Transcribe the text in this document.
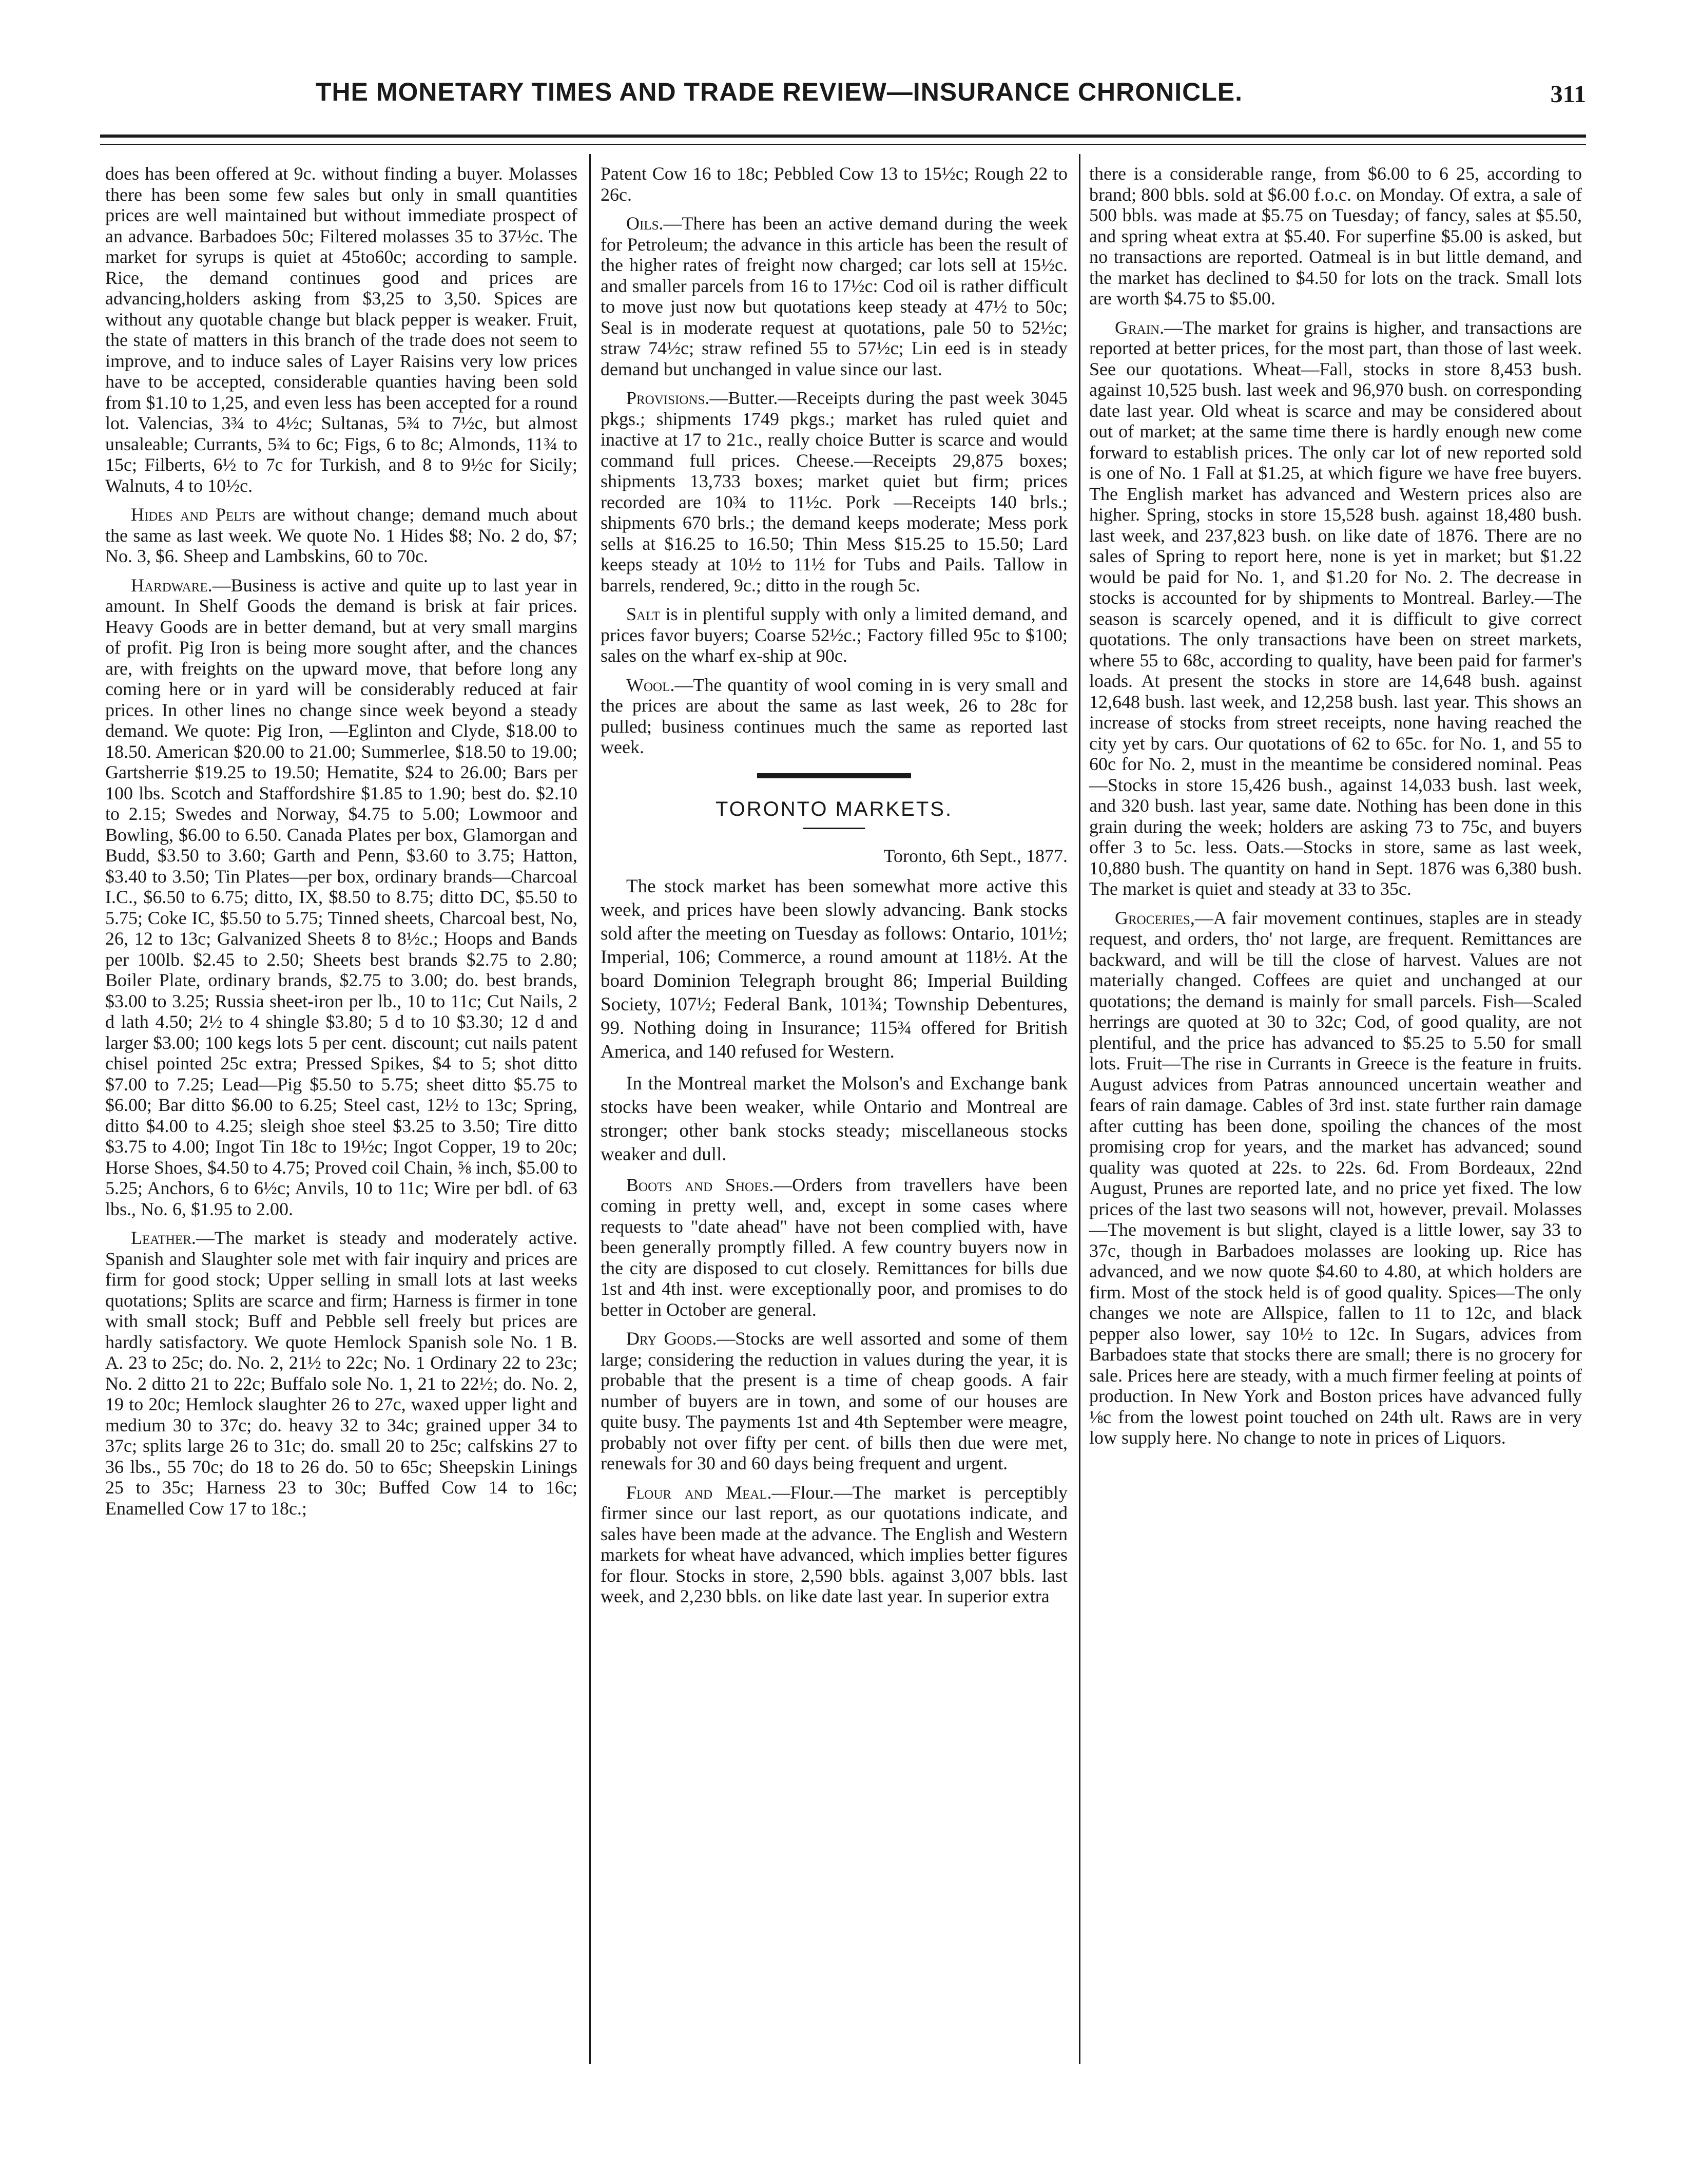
THE MONETARY TIMES AND TRADE REVIEW—INSURANCE CHRONICLE.	311

does has been offered at 9c. without finding a buyer. Molasses there has been some few sales but only in small quantities prices are well maintained but without immediate prospect of an advance. Barbadoes 50c; Filtered molasses 35 to 37½c. The market for syrups is quiet at 45to60c; according to sample. Rice, the demand continues good and prices are advancing,holders asking from $3,25 to 3,50. Spices are without any quotable change but black pepper is weaker. Fruit, the state of matters in this branch of the trade does not seem to improve, and to induce sales of Layer Raisins very low prices have to be accepted, considerable quanties having been sold from $1.10 to 1,25, and even less has been accepted for a round lot. Valencias, 3¾ to 4½c; Sultanas, 5¾ to 7½c, but almost unsaleable; Currants, 5¾ to 6c; Figs, 6 to 8c; Almonds, 11¾ to 15c; Filberts, 6½ to 7c for Turkish, and 8 to 9½c for Sicily; Walnuts, 4 to 10½c.

Hides and Pelts are without change; demand much about the same as last week. We quote No. 1 Hides $8; No. 2 do, $7; No. 3, $6. Sheep and Lambskins, 60 to 70c.

Hardware.—Business is active and quite up to last year in amount. In Shelf Goods the demand is brisk at fair prices. Heavy Goods are in better demand, but at very small margins of profit. Pig Iron is being more sought after, and the chances are, with freights on the upward move, that before long any coming here or in yard will be considerably reduced at fair prices. In other lines no change since week beyond a steady demand. We quote: Pig Iron, —Eglinton and Clyde, $18.00 to 18.50. American $20.00 to 21.00; Summerlee, $18.50 to 19.00; Gartsherrie $19.25 to 19.50; Hematite, $24 to 26.00; Bars per 100 lbs. Scotch and Staffordshire $1.85 to 1.90; best do. $2.10 to 2.15; Swedes and Norway, $4.75 to 5.00; Lowmoor and Bowling, $6.00 to 6.50. Canada Plates per box, Glamorgan and Budd, $3.50 to 3.60; Garth and Penn, $3.60 to 3.75; Hatton, $3.40 to 3.50; Tin Plates—per box, ordinary brands—Charcoal I.C., $6.50 to 6.75; ditto, IX, $8.50 to 8.75; ditto DC, $5.50 to 5.75; Coke IC, $5.50 to 5.75; Tinned sheets, Charcoal best, No, 26, 12 to 13c; Galvanized Sheets 8 to 8½c.; Hoops and Bands per 100lb. $2.45 to 2.50; Sheets best brands $2.75 to 2.80; Boiler Plate, ordinary brands, $2.75 to 3.00; do. best brands, $3.00 to 3.25; Russia sheet-iron per lb., 10 to 11c; Cut Nails, 2 d lath 4.50; 2½ to 4 shingle $3.80; 5 d to 10 $3.30; 12 d and larger $3.00; 100 kegs lots 5 per cent. discount; cut nails patent chisel pointed 25c extra; Pressed Spikes, $4 to 5; shot ditto $7.00 to 7.25; Lead—Pig $5.50 to 5.75; sheet ditto $5.75 to $6.00; Bar ditto $6.00 to 6.25; Steel cast, 12½ to 13c; Spring, ditto $4.00 to 4.25; sleigh shoe steel $3.25 to 3.50; Tire ditto $3.75 to 4.00; Ingot Tin 18c to 19½c; Ingot Copper, 19 to 20c; Horse Shoes, $4.50 to 4.75; Proved coil Chain, ⅝ inch, $5.00 to 5.25; Anchors, 6 to 6½c; Anvils, 10 to 11c; Wire per bdl. of 63 lbs., No. 6, $1.95 to 2.00.

Leather.—The market is steady and moderately active. Spanish and Slaughter sole met with fair inquiry and prices are firm for good stock; Upper selling in small lots at last weeks quotations; Splits are scarce and firm; Harness is firmer in tone with small stock; Buff and Pebble sell freely but prices are hardly satisfactory. We quote Hemlock Spanish sole No. 1 B. A. 23 to 25c; do. No. 2, 21½ to 22c; No. 1 Ordinary 22 to 23c; No. 2 ditto 21 to 22c; Buffalo sole No. 1, 21 to 22½; do. No. 2, 19 to 20c; Hemlock slaughter 26 to 27c, waxed upper light and medium 30 to 37c; do. heavy 32 to 34c; grained upper 34 to 37c; splits large 26 to 31c; do. small 20 to 25c; calfskins 27 to 36 lbs., 55 70c; do 18 to 26 do. 50 to 65c; Sheepskin Linings 25 to 35c; Harness 23 to 30c; Buffed Cow 14 to 16c; Enamelled Cow 17 to 18c.;

Patent Cow 16 to 18c; Pebbled Cow 13 to 15½c; Rough 22 to 26c.

Oils.—There has been an active demand during the week for Petroleum; the advance in this article has been the result of the higher rates of freight now charged; car lots sell at 15½c. and smaller parcels from 16 to 17½c: Cod oil is rather difficult to move just now but quotations keep steady at 47½ to 50c; Seal is in moderate request at quotations, pale 50 to 52½c; straw 74½c; straw refined 55 to 57½c; Lin eed is in steady demand but unchanged in value since our last.

Provisions.—Butter.—Receipts during the past week 3045 pkgs.; shipments 1749 pkgs.; market has ruled quiet and inactive at 17 to 21c., really choice Butter is scarce and would command full prices. Cheese.—Receipts 29,875 boxes; shipments 13,733 boxes; market quiet but firm; prices recorded are 10¾ to 11½c. Pork —Receipts 140 brls.; shipments 670 brls.; the demand keeps moderate; Mess pork sells at $16.25 to 16.50; Thin Mess $15.25 to 15.50; Lard keeps steady at 10½ to 11½ for Tubs and Pails. Tallow in barrels, rendered, 9c.; ditto in the rough 5c.

Salt is in plentiful supply with only a limited demand, and prices favor buyers; Coarse 52½c.; Factory filled 95c to $100; sales on the wharf ex-ship at 90c.

Wool.—The quantity of wool coming in is very small and the prices are about the same as last week, 26 to 28c for pulled; business continues much the same as reported last week.

TORONTO MARKETS.

Toronto, 6th Sept., 1877.

The stock market has been somewhat more active this week, and prices have been slowly advancing. Bank stocks sold after the meeting on Tuesday as follows: Ontario, 101½; Imperial, 106; Commerce, a round amount at 118½. At the board Dominion Telegraph brought 86; Imperial Building Society, 107½; Federal Bank, 101¾; Township Debentures, 99. Nothing doing in Insurance; 115¾ offered for British America, and 140 refused for Western.

In the Montreal market the Molson's and Exchange bank stocks have been weaker, while Ontario and Montreal are stronger; other bank stocks steady; miscellaneous stocks weaker and dull.

Boots and Shoes.—Orders from travellers have been coming in pretty well, and, except in some cases where requests to "date ahead" have not been complied with, have been generally promptly filled. A few country buyers now in the city are disposed to cut closely. Remittances for bills due 1st and 4th inst. were exceptionally poor, and promises to do better in October are general.

Dry Goods.—Stocks are well assorted and some of them large; considering the reduction in values during the year, it is probable that the present is a time of cheap goods. A fair number of buyers are in town, and some of our houses are quite busy. The payments 1st and 4th September were meagre, probably not over fifty per cent. of bills then due were met, renewals for 30 and 60 days being frequent and urgent.

Flour and Meal.—Flour.—The market is perceptibly firmer since our last report, as our quotations indicate, and sales have been made at the advance. The English and Western markets for wheat have advanced, which implies better figures for flour. Stocks in store, 2,590 bbls. against 3,007 bbls. last week, and 2,230 bbls. on like date last year. In superior extra

there is a considerable range, from $6.00 to 6 25, according to brand; 800 bbls. sold at $6.00 f.o.c. on Monday. Of extra, a sale of 500 bbls. was made at $5.75 on Tuesday; of fancy, sales at $5.50, and spring wheat extra at $5.40. For superfine $5.00 is asked, but no transactions are reported. Oatmeal is in but little demand, and the market has declined to $4.50 for lots on the track. Small lots are worth $4.75 to $5.00.

Grain.—The market for grains is higher, and transactions are reported at better prices, for the most part, than those of last week. See our quotations. Wheat—Fall, stocks in store 8,453 bush. against 10,525 bush. last week and 96,970 bush. on corresponding date last year. Old wheat is scarce and may be considered about out of market; at the same time there is hardly enough new come forward to establish prices. The only car lot of new reported sold is one of No. 1 Fall at $1.25, at which figure we have free buyers. The English market has advanced and Western prices also are higher. Spring, stocks in store 15,528 bush. against 18,480 bush. last week, and 237,823 bush. on like date of 1876. There are no sales of Spring to report here, none is yet in market; but $1.22 would be paid for No. 1, and $1.20 for No. 2. The decrease in stocks is accounted for by shipments to Montreal. Barley.—The season is scarcely opened, and it is difficult to give correct quotations. The only transactions have been on street markets, where 55 to 68c, according to quality, have been paid for farmer's loads. At present the stocks in store are 14,648 bush. against 12,648 bush. last week, and 12,258 bush. last year. This shows an increase of stocks from street receipts, none having reached the city yet by cars. Our quotations of 62 to 65c. for No. 1, and 55 to 60c for No. 2, must in the meantime be considered nominal. Peas—Stocks in store 15,426 bush., against 14,033 bush. last week, and 320 bush. last year, same date. Nothing has been done in this grain during the week; holders are asking 73 to 75c, and buyers offer 3 to 5c. less. Oats.—Stocks in store, same as last week, 10,880 bush. The quantity on hand in Sept. 1876 was 6,380 bush. The market is quiet and steady at 33 to 35c.

Groceries,—A fair movement continues, staples are in steady request, and orders, tho' not large, are frequent. Remittances are backward, and will be till the close of harvest. Values are not materially changed. Coffees are quiet and unchanged at our quotations; the demand is mainly for small parcels. Fish—Scaled herrings are quoted at 30 to 32c; Cod, of good quality, are not plentiful, and the price has advanced to $5.25 to 5.50 for small lots. Fruit—The rise in Currants in Greece is the feature in fruits. August advices from Patras announced uncertain weather and fears of rain damage. Cables of 3rd inst. state further rain damage after cutting has been done, spoiling the chances of the most promising crop for years, and the market has advanced; sound quality was quoted at 22s. to 22s. 6d. From Bordeaux, 22nd August, Prunes are reported late, and no price yet fixed. The low prices of the last two seasons will not, however, prevail. Molasses—The movement is but slight, clayed is a little lower, say 33 to 37c, though in Barbadoes molasses are looking up. Rice has advanced, and we now quote $4.60 to 4.80, at which holders are firm. Most of the stock held is of good quality. Spices—The only changes we note are Allspice, fallen to 11 to 12c, and black pepper also lower, say 10½ to 12c. In Sugars, advices from Barbadoes state that stocks there are small; there is no grocery for sale. Prices here are steady, with a much firmer feeling at points of production. In New York and Boston prices have advanced fully ⅛c from the lowest point touched on 24th ult. Raws are in very low supply here. No change to note in prices of Liquors.
